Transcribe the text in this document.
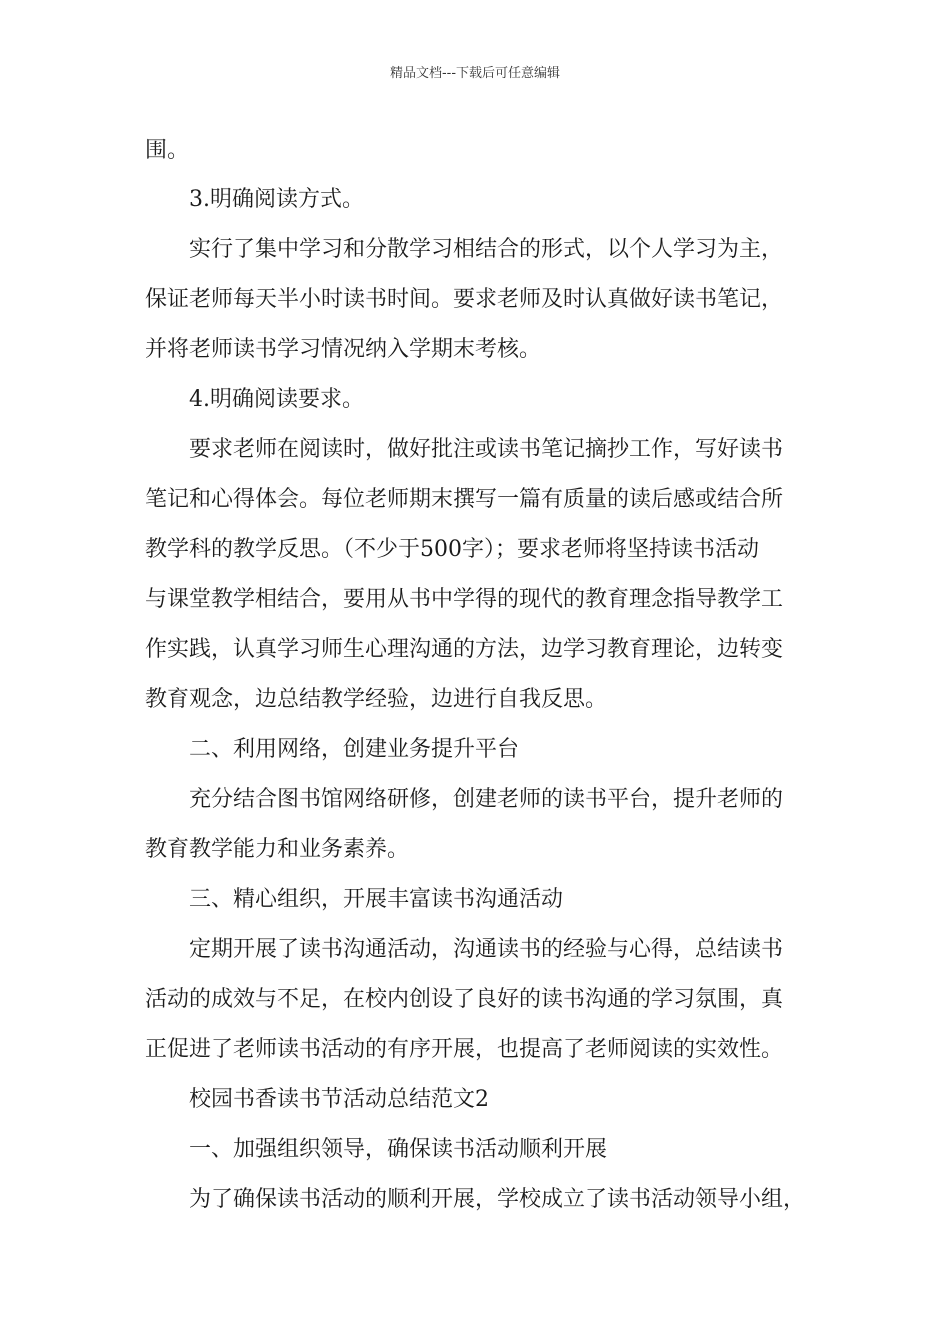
精品文档---下载后可任意编辑
围。
3.明确阅读方式。
实行了集中学习和分散学习相结合的形式，以个人学习为主，
保证老师每天半小时读书时间。要求老师及时认真做好读书笔记，
并将老师读书学习情况纳入学期末考核。
4.明确阅读要求。
要求老师在阅读时，做好批注或读书笔记摘抄工作，写好读书
笔记和心得体会。每位老师期末撰写一篇有质量的读后感或结合所
教学科的教学反思。（不少于500字）；要求老师将坚持读书活动
与课堂教学相结合，要用从书中学得的现代的教育理念指导教学工
作实践，认真学习师生心理沟通的方法，边学习教育理论，边转变
教育观念，边总结教学经验，边进行自我反思。
二、利用网络，创建业务提升平台
充分结合图书馆网络研修，创建老师的读书平台，提升老师的
教育教学能力和业务素养。
三、精心组织，开展丰富读书沟通活动
定期开展了读书沟通活动，沟通读书的经验与心得，总结读书
活动的成效与不足，在校内创设了良好的读书沟通的学习氛围，真
正促进了老师读书活动的有序开展，也提高了老师阅读的实效性。
校园书香读书节活动总结范文2
一、加强组织领导，确保读书活动顺利开展
为了确保读书活动的顺利开展，学校成立了读书活动领导小组，
